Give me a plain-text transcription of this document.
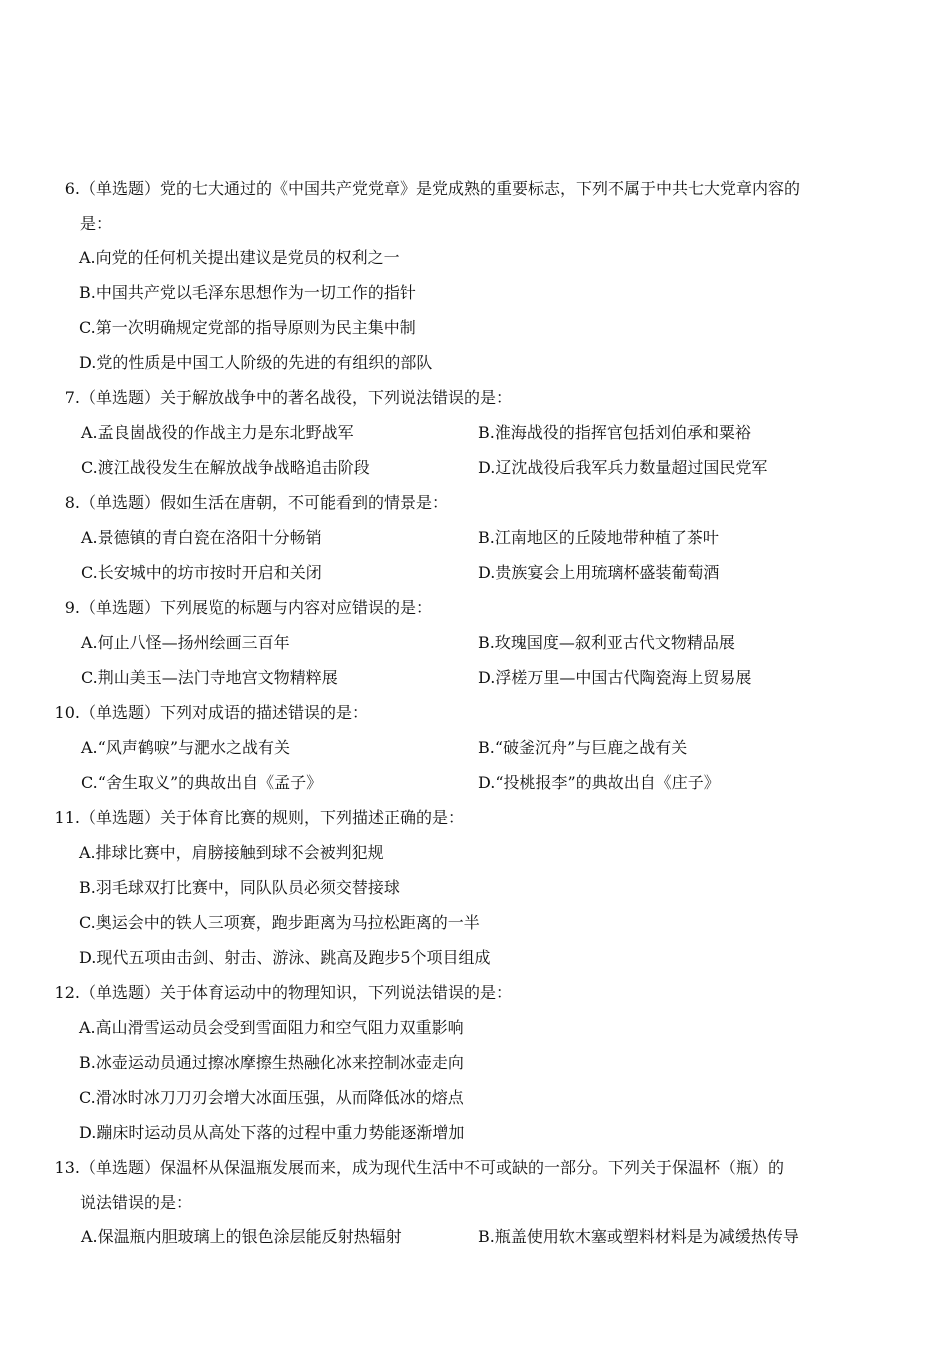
6. （单选题）党的七大通过的《中国共产党党章》是党成熟的重要标志，下列不属于中共七大党章内容的
是：
A.向党的任何机关提出建议是党员的权利之一
B.中国共产党以毛泽东思想作为一切工作的指针
C.第一次明确规定党部的指导原则为民主集中制
D.党的性质是中国工人阶级的先进的有组织的部队
7. （单选题）关于解放战争中的著名战役，下列说法错误的是：
A.孟良崮战役的作战主力是东北野战军	B.淮海战役的指挥官包括刘伯承和粟裕
C.渡江战役发生在解放战争战略追击阶段	D.辽沈战役后我军兵力数量超过国民党军
8. （单选题）假如生活在唐朝，不可能看到的情景是：
A.景德镇的青白瓷在洛阳十分畅销	B.江南地区的丘陵地带种植了茶叶
C.长安城中的坊市按时开启和关闭	D.贵族宴会上用琉璃杯盛装葡萄酒
9. （单选题）下列展览的标题与内容对应错误的是：
A.何止八怪—扬州绘画三百年	B.玫瑰国度—叙利亚古代文物精品展
C.荆山美玉—法门寺地宫文物精粹展	D.浮槎万里—中国古代陶瓷海上贸易展
10. （单选题）下列对成语的描述错误的是：
A.“风声鹤唳”与淝水之战有关	B.“破釜沉舟”与巨鹿之战有关
C.“舍生取义”的典故出自《孟子》	D.“投桃报李”的典故出自《庄子》
11. （单选题）关于体育比赛的规则，下列描述正确的是：
A.排球比赛中，肩膀接触到球不会被判犯规
B.羽毛球双打比赛中，同队队员必须交替接球
C.奥运会中的铁人三项赛，跑步距离为马拉松距离的一半
D.现代五项由击剑、射击、游泳、跳高及跑步5个项目组成
12. （单选题）关于体育运动中的物理知识，下列说法错误的是：
A.高山滑雪运动员会受到雪面阻力和空气阻力双重影响
B.冰壶运动员通过擦冰摩擦生热融化冰来控制冰壶走向
C.滑冰时冰刀刀刃会增大冰面压强，从而降低冰的熔点
D.蹦床时运动员从高处下落的过程中重力势能逐渐增加
13. （单选题）保温杯从保温瓶发展而来，成为现代生活中不可或缺的一部分。下列关于保温杯（瓶）的
说法错误的是：
A.保温瓶内胆玻璃上的银色涂层能反射热辐射	B.瓶盖使用软木塞或塑料材料是为减缓热传导
